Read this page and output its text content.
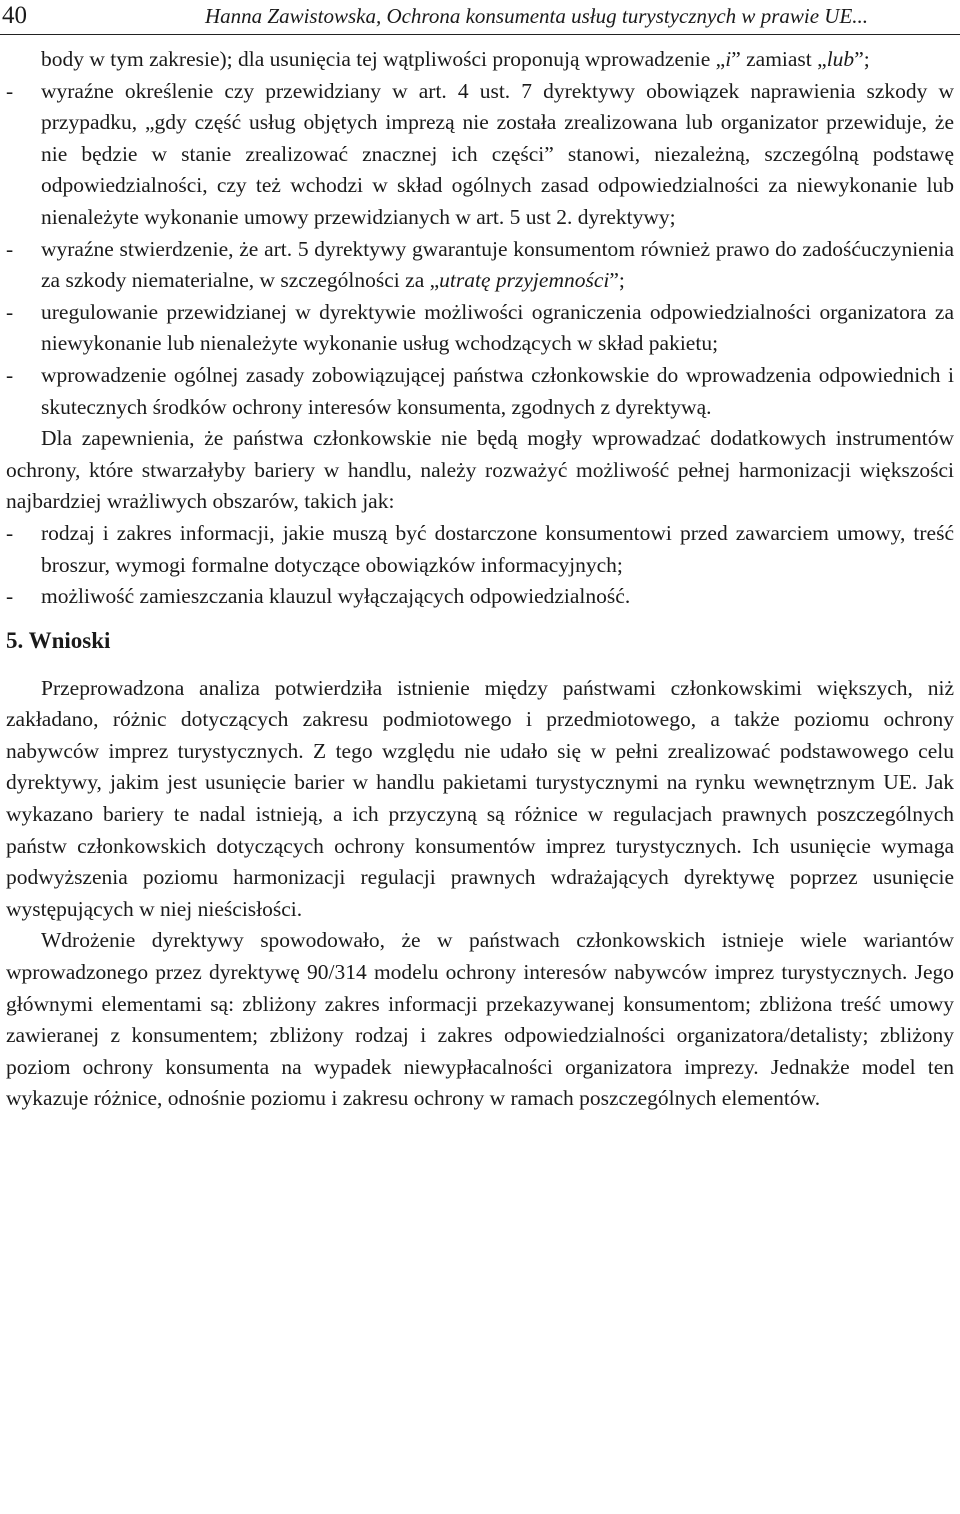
40	Hanna Zawistowska, Ochrona konsumenta usług turystycznych w prawie UE...
body w tym zakresie); dla usunięcia tej wątpliwości proponują wprowadzenie „i” zamiast „lub”;
- wyraźne określenie czy przewidziany w art. 4 ust. 7 dyrektywy obowiązek naprawienia szkody w przypadku, „gdy część usług objętych imprezą nie została zrealizowana lub organizator przewiduje, że nie będzie w stanie zrealizować znacznej ich części” stanowi, niezależną, szczególną podstawę odpowiedzialności, czy też wchodzi w skład ogólnych zasad odpowiedzialności za niewykonanie lub nienależyte wykonanie umowy przewidzianych w art. 5 ust 2. dyrektywy;
- wyraźne stwierdzenie, że art. 5 dyrektywy gwarantuje konsumentom również prawo do zadośćuczynienia za szkody niematerialne, w szczególności za „utratę przyjemności”;
- uregulowanie przewidzianej w dyrektywie możliwości ograniczenia odpowiedzialności organizatora za niewykonanie lub nienależyte wykonanie usług wchodzących w skład pakietu;
- wprowadzenie ogólnej zasady zobowiązującej państwa członkowskie do wprowadzenia odpowiednich i skutecznych środków ochrony interesów konsumenta, zgodnych z dyrektywą.
Dla zapewnienia, że państwa członkowskie nie będą mogły wprowadzać dodatkowych instrumentów ochrony, które stwarzałyby bariery w handlu, należy rozważyć możliwość pełnej harmonizacji większości najbardziej wrażliwych obszarów, takich jak:
- rodzaj i zakres informacji, jakie muszą być dostarczone konsumentowi przed zawarciem umowy, treść broszur, wymogi formalne dotyczące obowiązków informacyjnych;
- możliwość zamieszczania klauzul wyłączających odpowiedzialność.
5. Wnioski
Przeprowadzona analiza potwierdziła istnienie między państwami członkowskimi większych, niż zakładano, różnic dotyczących zakresu podmiotowego i przedmiotowego, a także poziomu ochrony nabywców imprez turystycznych. Z tego względu nie udało się w pełni zrealizować podstawowego celu dyrektywy, jakim jest usunięcie barier w handlu pakietami turystycznymi na rynku wewnętrznym UE. Jak wykazano bariery te nadal istnieją, a ich przyczyną są różnice w regulacjach prawnych poszczególnych państw członkowskich dotyczących ochrony konsumentów imprez turystycznych. Ich usunięcie wymaga podwyższenia poziomu harmonizacji regulacji prawnych wdrażających dyrektywę poprzez usunięcie występujących w niej nieścisłości.
Wdrożenie dyrektywy spowodowało, że w państwach członkowskich istnieje wiele wariantów wprowadzonego przez dyrektywę 90/314 modelu ochrony interesów nabywców imprez turystycznych. Jego głównymi elementami są: zbliżony zakres informacji przekazywanej konsumentom; zbliżona treść umowy zawieranej z konsumentem; zbliżony rodzaj i zakres odpowiedzialności organizatora/detalisty; zbliżony poziom ochrony konsumenta na wypadek niewypłacalności organizatora imprezy. Jednakże model ten wykazuje różnice, odnośnie poziomu i zakresu ochrony w ramach poszczególnych elementów.
